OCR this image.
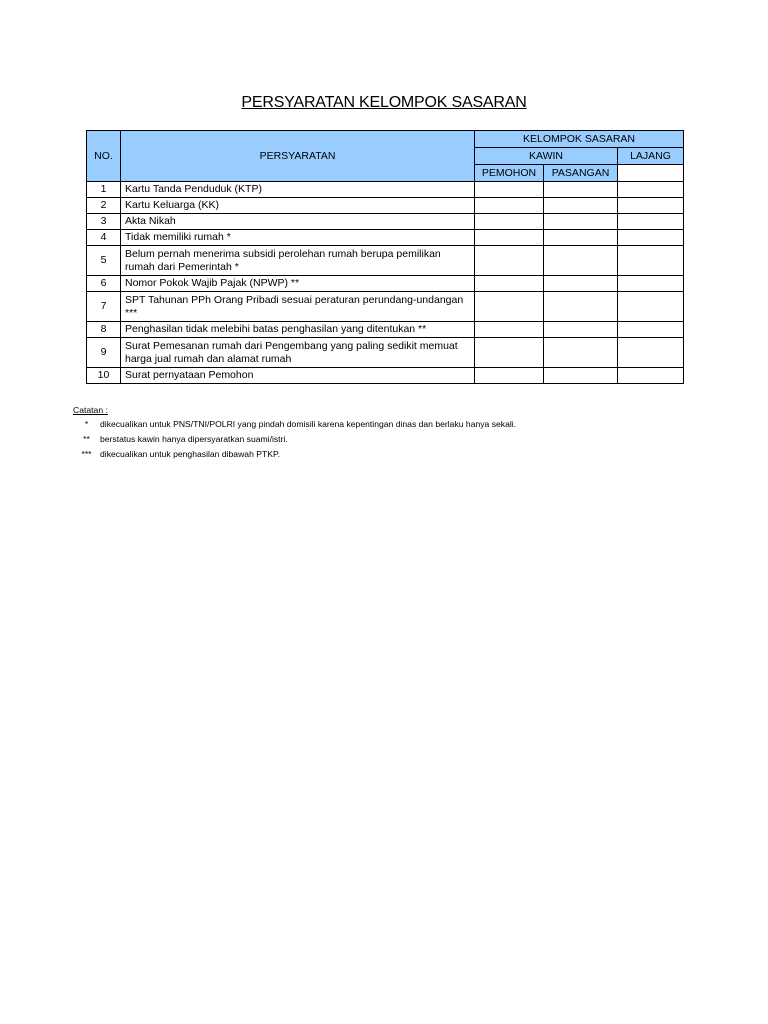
PERSYARATAN KELOMPOK SASARAN
NO.	PERSYARATAN	KELOMPOK SASARAN		
		KAWIN		LAJANG
		PEMOHON	PASANGAN	
1	Kartu Tanda Penduduk (KTP)			
2	Kartu Keluarga (KK)			
3	Akta Nikah			
4	Tidak memiliki rumah *			
5	Belum pernah menerima subsidi perolehan rumah berupa pemilikan rumah dari Pemerintah *			
6	Nomor Pokok Wajib Pajak (NPWP) **			
7	SPT Tahunan PPh Orang Pribadi sesuai peraturan perundang-undangan ***			
8	Penghasilan tidak melebihi batas penghasilan yang ditentukan **			
9	Surat Pemesanan rumah dari Pengembang yang paling sedikit memuat harga jual rumah dan alamat rumah			
10	Surat pernyataan Pemohon			
Catatan :
*	dikecualikan untuk PNS/TNI/POLRI yang pindah domisili karena kepentingan dinas dan berlaku hanya sekali.
**	berstatus kawin hanya dipersyaratkan suami/istri.
*** dikecualikan untuk penghasilan dibawah PTKP.
